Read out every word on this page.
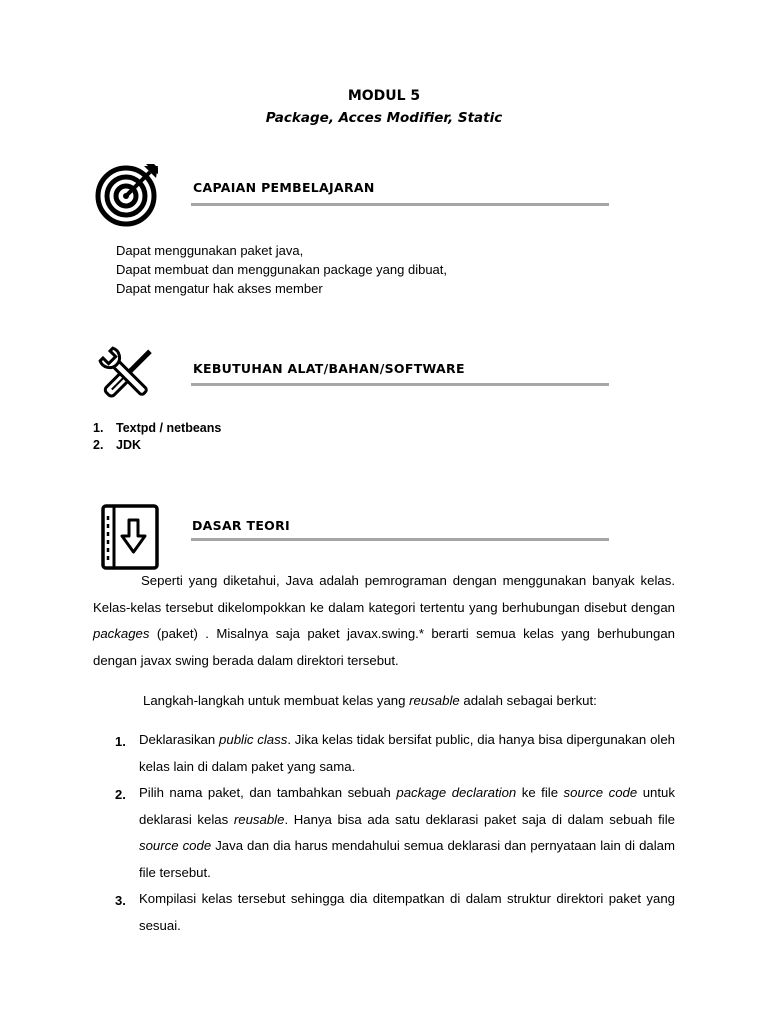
MODUL 5
Package, Acces Modifier, Static
CAPAIAN PEMBELAJARAN
Dapat menggunakan paket java,
Dapat membuat dan menggunakan package yang dibuat,
Dapat mengatur hak akses member
KEBUTUHAN ALAT/BAHAN/SOFTWARE
1. Textpd / netbeans
2. JDK
DASAR TEORI
Seperti yang diketahui, Java adalah pemrograman dengan menggunakan banyak kelas. Kelas-kelas tersebut dikelompokkan ke dalam kategori tertentu yang berhubungan disebut dengan packages (paket) . Misalnya saja paket javax.swing.* berarti semua kelas yang berhubungan dengan javax swing berada dalam direktori tersebut.
Langkah-langkah untuk membuat kelas yang reusable adalah sebagai berkut:
1. Deklarasikan public class. Jika kelas tidak bersifat public, dia hanya bisa dipergunakan oleh kelas lain di dalam paket yang sama.
2. Pilih nama paket, dan tambahkan sebuah package declaration ke file source code untuk deklarasi kelas reusable. Hanya bisa ada satu deklarasi paket saja di dalam sebuah file source code Java dan dia harus mendahului semua deklarasi dan pernyataan lain di dalam file tersebut.
3. Kompilasi kelas tersebut sehingga dia ditempatkan di dalam struktur direktori paket yang sesuai.
